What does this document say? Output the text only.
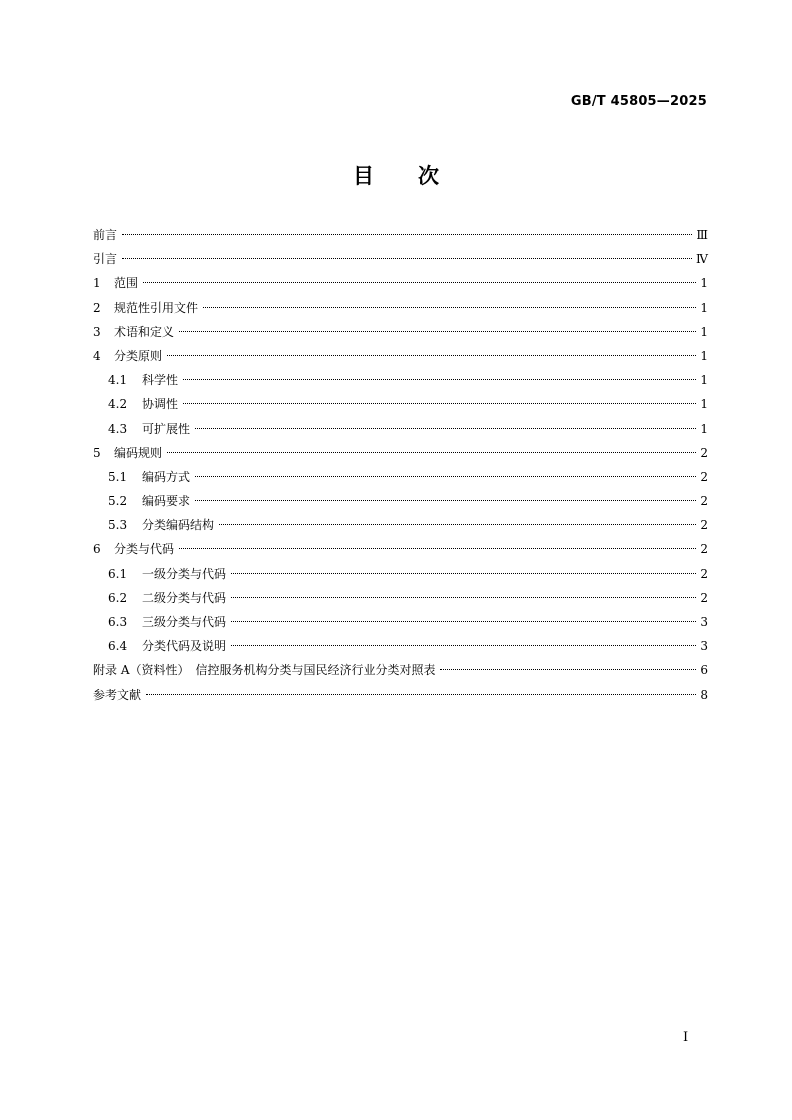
GB/T 45805—2025
目 次
前言	Ⅲ
引言	Ⅳ
1	范围	1
2	规范性引用文件	1
3	术语和定义	1
4	分类原则	1
4.1	科学性	1
4.2	协调性	1
4.3	可扩展性	1
5	编码规则	2
5.1	编码方式	2
5.2	编码要求	2
5.3	分类编码结构	2
6	分类与代码	2
6.1	一级分类与代码	2
6.2	二级分类与代码	2
6.3	三级分类与代码	3
6.4	分类代码及说明	3
附录 A（资料性）　信控服务机构分类与国民经济行业分类对照表	6
参考文献	8
I
